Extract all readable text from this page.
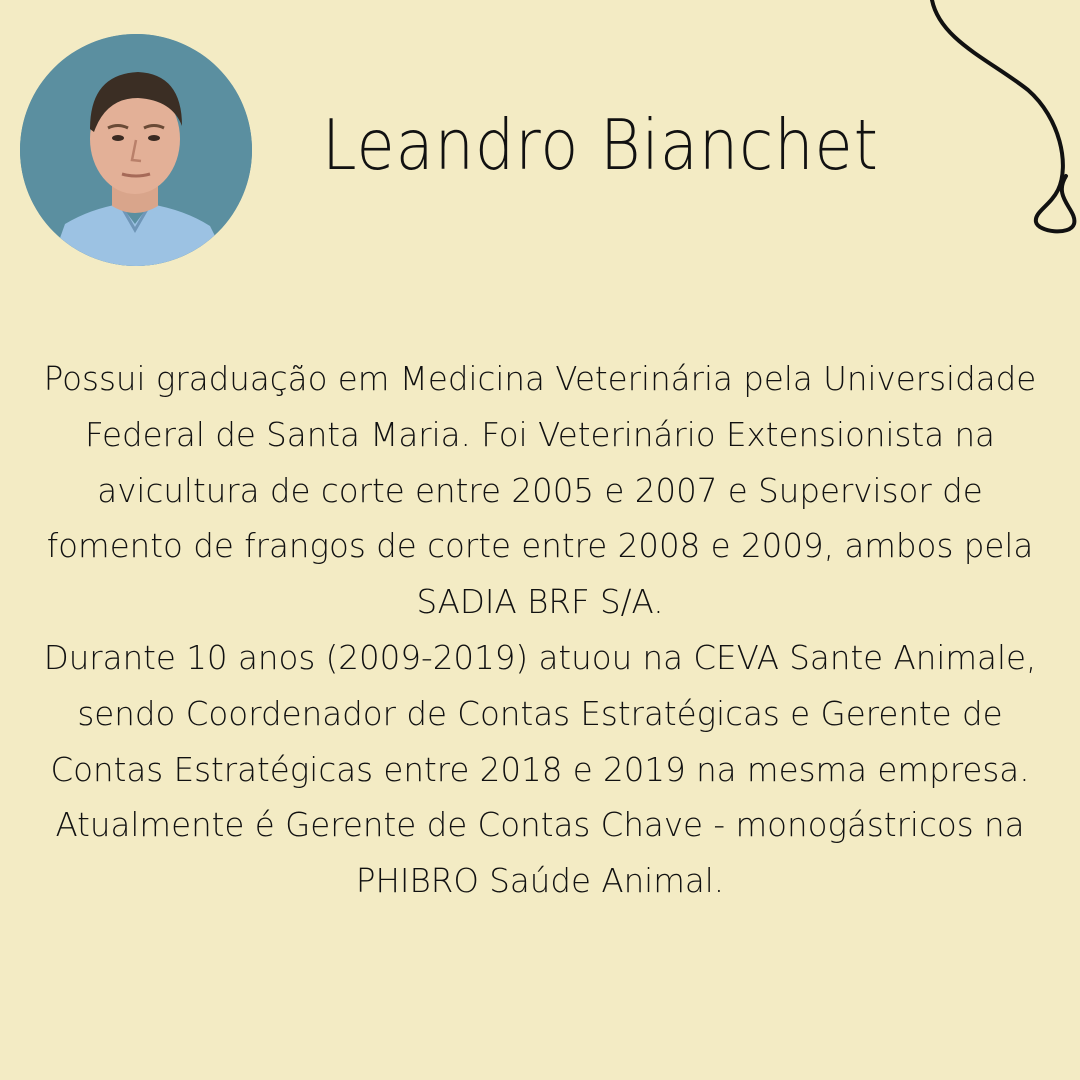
Leandro Bianchet

Possui graduação em Medicina Veterinária pela Universidade Federal de Santa Maria. Foi Veterinário Extensionista na avicultura de corte entre 2005 e 2007 e Supervisor de fomento de frangos de corte entre 2008 e 2009, ambos pela SADIA BRF S/A.

Durante 10 anos (2009-2019) atuou na CEVA Sante Animale, sendo Coordenador de Contas Estratégicas e Gerente de Contas Estratégicas entre 2018 e 2019 na mesma empresa.

Atualmente é Gerente de Contas Chave - monogástricos na PHIBRO Saúde Animal.
